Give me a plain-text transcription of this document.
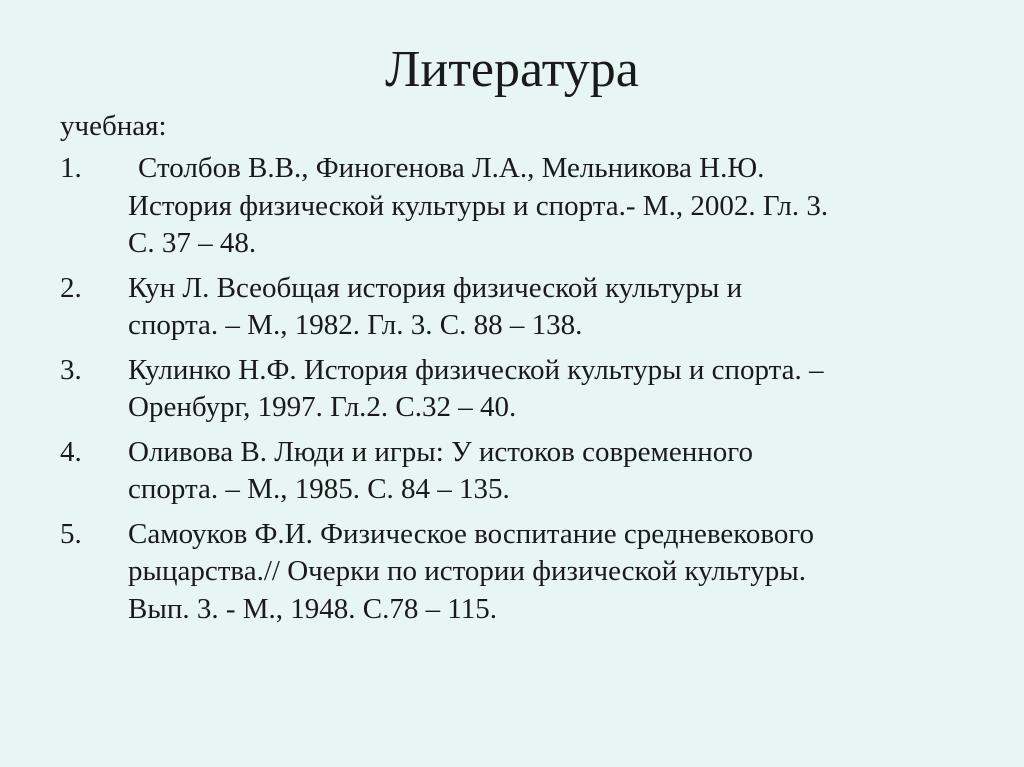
Литература
учебная:
1.	Столбов В.В., Финогенова Л.А., Мельникова Н.Ю.
История физической культуры и спорта.- М., 2002. Гл. 3.
С. 37 – 48.
2. Кун Л. Всеобщая история физической культуры и
спорта. – М., 1982. Гл. 3. С. 88 – 138.
3. Кулинко Н.Ф. История физической культуры и спорта. –
Оренбург, 1997. Гл.2. С.32 – 40.
4. Оливова В. Люди и игры: У истоков современного
спорта. – М., 1985. С. 84 – 135.
5. Самоуков Ф.И. Физическое воспитание средневекового
рыцарства.// Очерки по истории физической культуры.
Вып. 3. - М., 1948. С.78 – 115.
